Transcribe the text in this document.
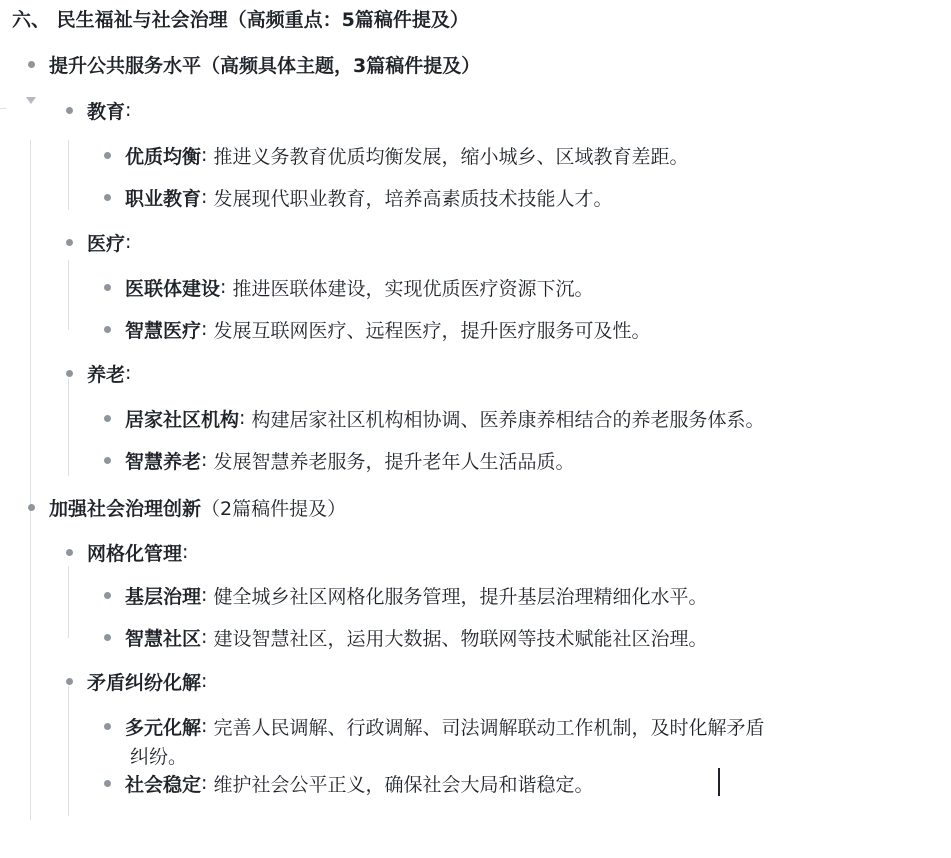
六、 民生福祉与社会治理（高频重点：5篇稿件提及）
提升公共服务水平 （高频具体主题，3篇稿件提及）
教育 :
优质均衡 :
推进义务教育优质均衡发展，缩小城乡、区域教育差距。
职业教育 :
发展现代职业教育，培养高素质技术技能人才。
医疗 :
医联体建设 :
推进医联体建设，实现优质医疗资源下沉。
智慧医疗 :
发展互联网医疗、远程医疗，提升医疗服务可及性。
养老 :
居家社区机构 :
构建居家社区机构相协调、医养康养相结合的养老服务体系。
智慧养老 :
发展智慧养老服务，提升老年人生活品质。
加强社会治理创新 （2篇稿件提及）
网格化管理 :
基层治理 :
健全城乡社区网格化服务管理，提升基层治理精细化水平。
智慧社区 :
建设智慧社区，运用大数据、物联网等技术赋能社区治理。
矛盾纠纷化解 :
多元化解 :
完善人民调解、行政调解、司法调解联动工作机制，及时化解矛盾
纠纷。
社会稳定 :
维护社会公平正义，确保社会大局和谐稳定。
